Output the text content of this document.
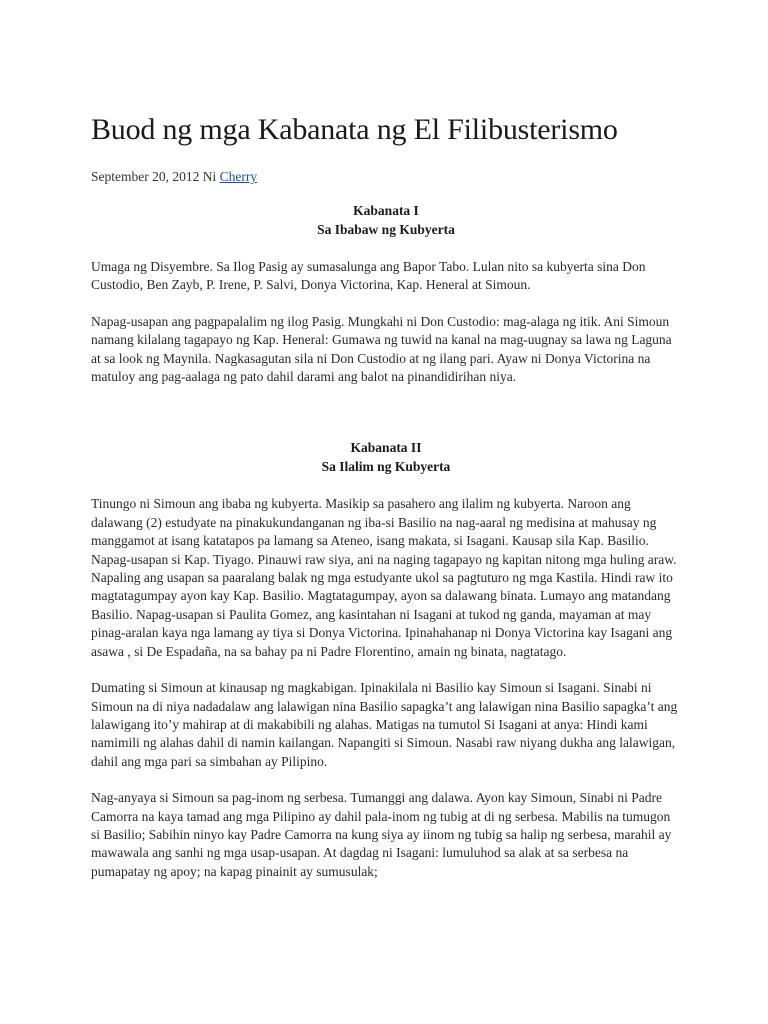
Buod ng mga Kabanata ng El Filibusterismo
September 20, 2012 Ni Cherry
Kabanata I
Sa Ibabaw ng Kubyerta

Umaga ng Disyembre. Sa Ilog Pasig ay sumasalunga ang Bapor Tabo. Lulan nito sa kubyerta sina Don Custodio, Ben Zayb, P. Irene, P. Salvi, Donya Victorina, Kap. Heneral at Simoun.

Napag-usapan ang pagpapalalim ng ilog Pasig. Mungkahi ni Don Custodio: mag-alaga ng itik. Ani Simoun namang kilalang tagapayo ng Kap. Heneral: Gumawa ng tuwid na kanal na mag-uugnay sa lawa ng Laguna at sa look ng Maynila. Nagkasagutan sila ni Don Custodio at ng ilang pari. Ayaw ni Donya Victorina na matuloy ang pag-aalaga ng pato dahil darami ang balot na pinandidirihan niya.

Kabanata II
Sa Ilalim ng Kubyerta

Tinungo ni Simoun ang ibaba ng kubyerta. Masikip sa pasahero ang ilalim ng kubyerta. Naroon ang dalawang (2) estudyate na pinakukundanganan ng iba-si Basilio na nag-aaral ng medisina at mahusay ng manggamot at isang katatapos pa lamang sa Ateneo, isang makata, si Isagani. Kausap sila Kap. Basilio. Napag-usapan si Kap. Tiyago. Pinauwi raw siya, ani na naging tagapayo ng kapitan nitong mga huling araw. Napaling ang usapan sa paaralang balak ng mga estudyante ukol sa pagtuturo ng mga Kastila. Hindi raw ito magtatagumpay ayon kay Kap. Basilio. Magtatagumpay, ayon sa dalawang binata. Lumayo ang matandang Basilio. Napag-usapan si Paulita Gomez, ang kasintahan ni Isagani at tukod ng ganda, mayaman at may pinag-aralan kaya nga lamang ay tiya si Donya Victorina. Ipinahahanap ni Donya Victorina kay Isagani ang asawa , si De Espadaña, na sa bahay pa ni Padre Florentino, amain ng binata, nagtatago.

Dumating si Simoun at kinausap ng magkabigan. Ipinakilala ni Basilio kay Simoun si Isagani. Sinabi ni Simoun na di niya nadadalaw ang lalawigan nina Basilio sapagka’t ang lalawigan nina Basilio sapagka’t ang lalawigang ito’y mahirap at di makabibili ng alahas. Matigas na tumutol Si Isagani at anya: Hindi kami namimili ng alahas dahil di namin kailangan. Napangiti si Simoun. Nasabi raw niyang dukha ang lalawigan, dahil ang mga pari sa simbahan ay Pilipino.

Nag-anyaya si Simoun sa pag-inom ng serbesa. Tumanggi ang dalawa. Ayon kay Simoun, Sinabi ni Padre Camorra na kaya tamad ang mga Pilipino ay dahil pala-inom ng tubig at di ng serbesa. Mabilis na tumugon si Basilio; Sabihin ninyo kay Padre Camorra na kung siya ay iinom ng tubig sa halip ng serbesa, marahil ay mawawala ang sanhi ng mga usap-usapan. At dagdag ni Isagani: lumuluhod sa alak at sa serbesa na pumapatay ng apoy; na kapag pinainit ay sumusulak;
